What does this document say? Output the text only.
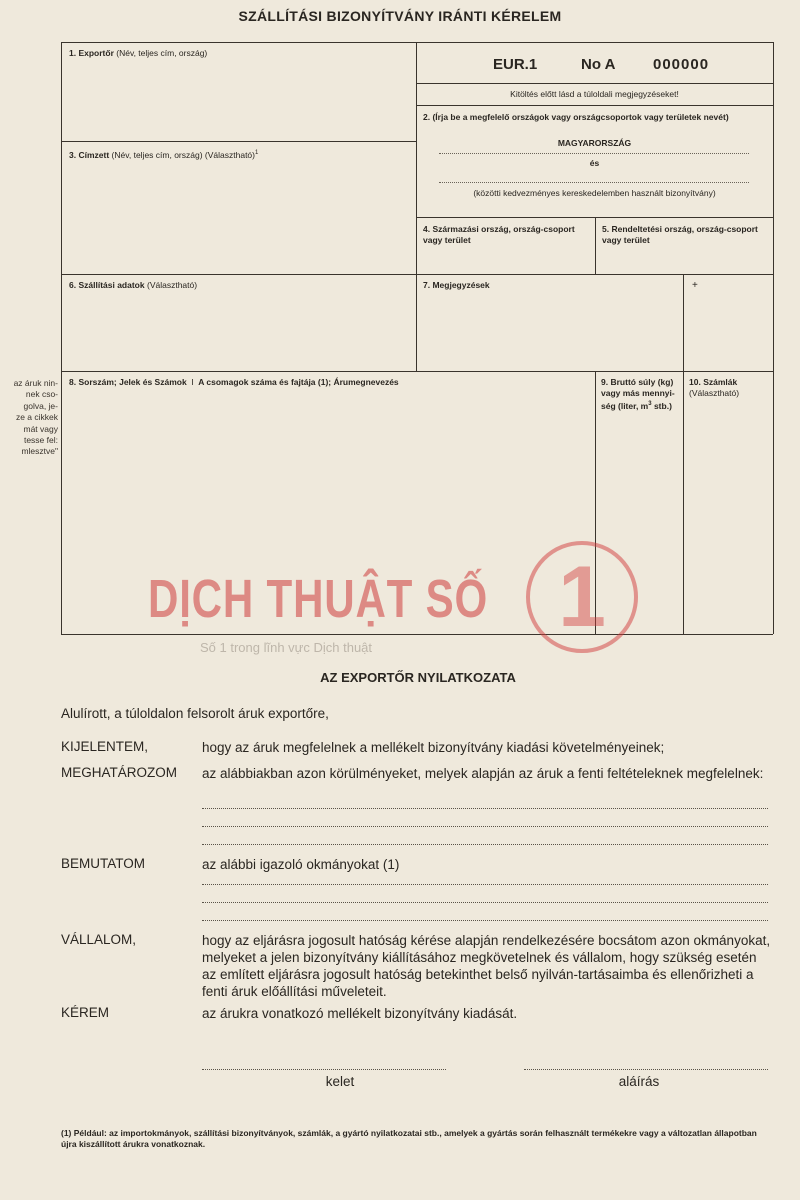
SZÁLLÍTÁSI BIZONYÍTVÁNY IRÁNTI KÉRELEM
1. Exportőr (Név, teljes cím, ország)
EUR.1	No A	000000
Kitöltés előtt lásd a túloldali megjegyzéseket!
2. (Írja be a megfelelő országok vagy országcsoportok vagy területek nevét)
MAGYARORSZÁG
és
(közötti kedvezményes kereskedelemben használt bizonyítvány)
3. Címzett (Név, teljes cím, ország) (Választható)$^1$
4. Származási ország, ország-csoport vagy terület
5. Rendeltetési ország, ország-csoport vagy terület
6. Szállítási adatok (Választható)	7. Megjegyzések	+
8. Sorszám; Jelek és Számok I A csomagok száma és fajtája (1); Árumegnevezés	9. Bruttó súly (kg) vagy más mennyi-ség (liter, $m^3$ stb.)
10. Számlák
(Választható)
az áruk nin-
nek cso-
golva, je-
ze a cikkek
mát vagy
tesse fel:
mlesztve"
DỊCH THUẬT SỐ 1
Số 1 trong lĩnh vực Dịch thuật
AZ EXPORTŐR NYILATKOZATA
Alulírott, a túloldalon felsorolt áruk exportőre,
KIJELENTEM,	hogy az áruk megfelelnek a mellékelt bizonyítvány kiadási követelményeinek;
MEGHATÁROZOM az alábbiakban azon körülményeket, melyek alapján az áruk a fenti feltételeknek megfelelnek:
BEMUTATOM	az alábbi igazoló okmányokat (1)
VÁLLALOM,	hogy az eljárásra jogosult hatóság kérése alapján rendelkezésére bocsátom azon okmányokat, melyeket a jelen bizonyítvány kiállításához megkövetelnek és vállalom, hogy szükség esetén az említett eljárásra jogosult hatóság betekinthet belső nyilván-tartásaimba és ellenőrizheti a fenti áruk előállítási műveleteit.
KÉREM	az árukra vonatkozó mellékelt bizonyítvány kiadását.
kelet	aláírás
(1) Például: az importokmányok, szállítási bizonyítványok, számlák, a gyártó nyilatkozatai stb., amelyek a gyártás során felhasznált termékekre vagy a változatlan állapotban újra kiszállított árukra vonatkoznak.
